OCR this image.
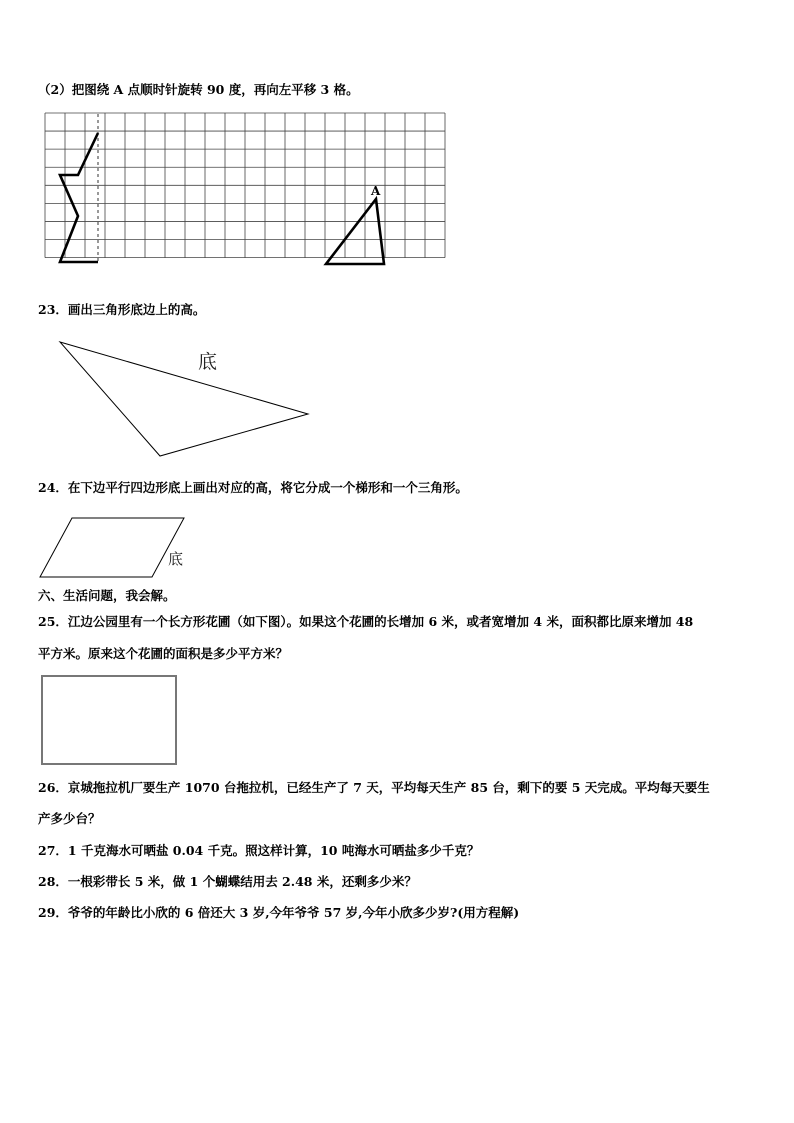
（2）把图绕 A 点顺时针旋转 90 度，再向左平移 3 格。

A

23．画出三角形底边上的高。

底

24．在下边平行四边形底上画出对应的高，将它分成一个梯形和一个三角形。

底

六、生活问题，我会解。

25．江边公园里有一个长方形花圃（如下图）。如果这个花圃的长增加 6 米，或者宽增加 4 米，面积都比原来增加 48

平方米。原来这个花圃的面积是多少平方米？

26．京城拖拉机厂要生产 1070 台拖拉机，已经生产了 7 天，平均每天生产 85 台，剩下的要 5 天完成。平均每天要生

产多少台？

27．1 千克海水可晒盐 0.04 千克。照这样计算，10 吨海水可晒盐多少千克？

28．一根彩带长 5 米，做 1 个蝴蝶结用去 2.48 米，还剩多少米？

29．爷爷的年龄比小欣的 6 倍还大 3 岁,今年爷爷 57 岁,今年小欣多少岁?(用方程解)
